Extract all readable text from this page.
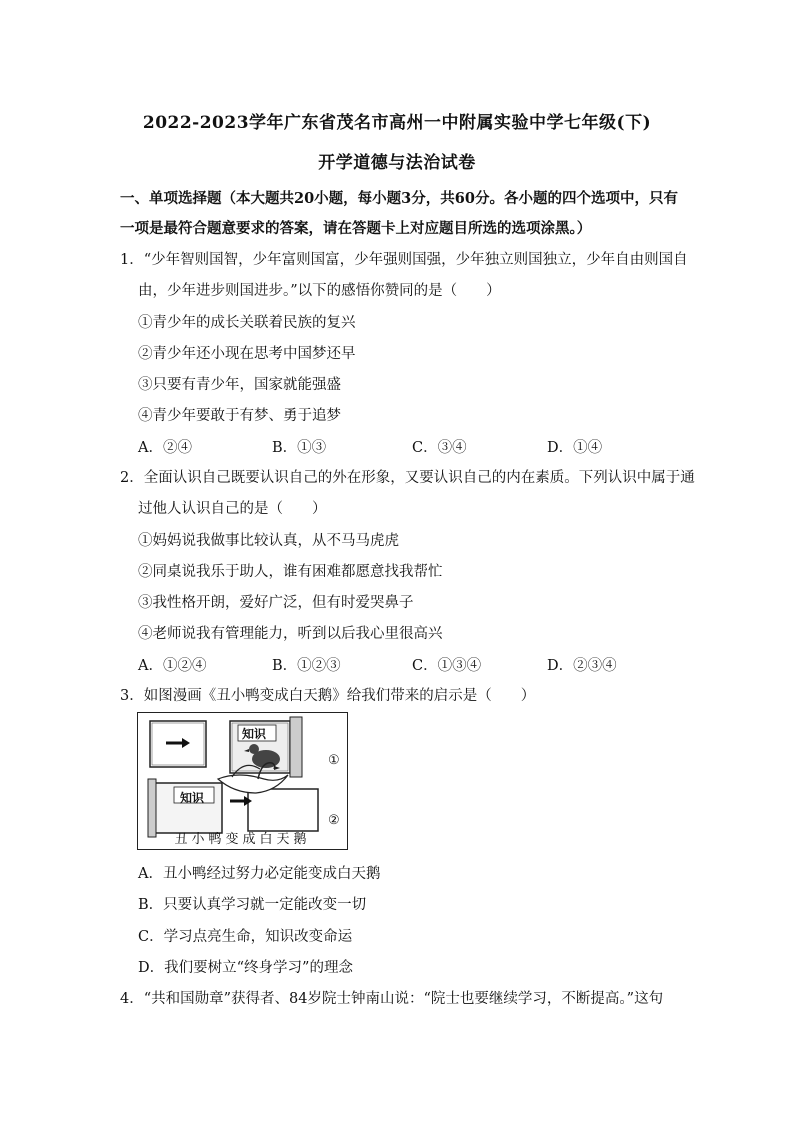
2022-2023学年广东省茂名市高州一中附属实验中学七年级(下)
开学道德与法治试卷
一、单项选择题（本大题共20小题，每小题3分，共60分。各小题的四个选项中，只有
一项是最符合题意要求的答案，请在答题卡上对应题目所选的选项涂黑。）
1．“少年智则国智，少年富则国富，少年强则国强，少年独立则国独立，少年自由则国自
由，少年进步则国进步。”以下的感悟你赞同的是（　　）
①青少年的成长关联着民族的复兴
②青少年还小现在思考中国梦还早
③只要有青少年，国家就能强盛
④青少年要敢于有梦、勇于追梦
A．②④	B．①③	C．③④	D．①④
2．全面认识自己既要认识自己的外在形象，又要认识自己的内在素质。下列认识中属于通
过他人认识自己的是（　　）
①妈妈说我做事比较认真，从不马马虎虎
②同桌说我乐于助人，谁有困难都愿意找我帮忙
③我性格开朗，爱好广泛，但有时爱哭鼻子
④老师说我有管理能力，听到以后我心里很高兴
A．①②④	B．①②③	C．①③④	D．②③④
3．如图漫画《丑小鸭变成白天鹅》给我们带来的启示是（　　）
知识
知识
①
②
丑小鸭变成白天鹅
A．丑小鸭经过努力必定能变成白天鹅
B．只要认真学习就一定能改变一切
C．学习点亮生命，知识改变命运
D．我们要树立“终身学习”的理念
4．“共和国勋章”获得者、84岁院士钟南山说：“院士也要继续学习，不断提高。”这句
